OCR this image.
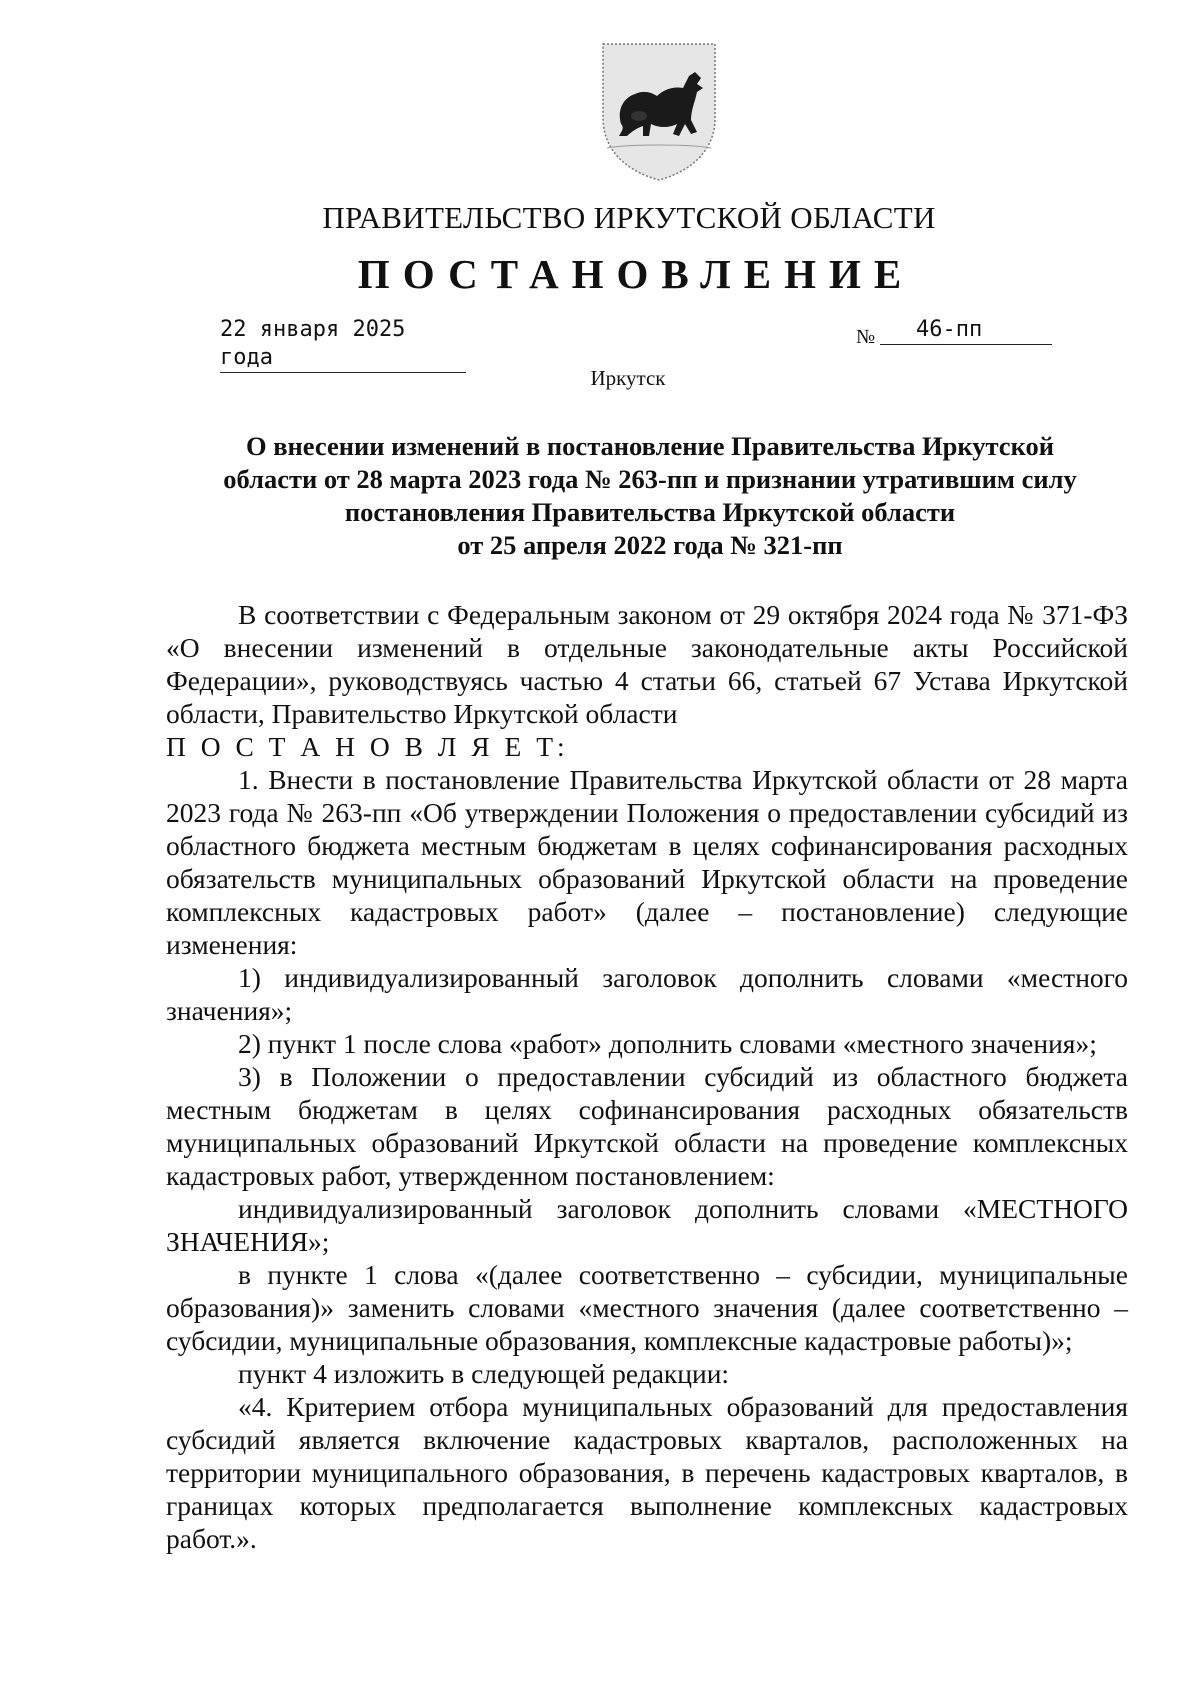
ПРАВИТЕЛЬСТВО ИРКУТСКОЙ ОБЛАСТИ
ПОСТАНОВЛЕНИЕ
22 января 2025 года
№	46-пп
Иркутск
О внесении изменений в постановление Правительства Иркутской
области от 28 марта 2023 года № 263-пп и признании утратившим силу
постановления Правительства Иркутской области
от 25 апреля 2022 года № 321-пп

В соответствии с Федеральным законом от 29 октября 2024 года № 371-ФЗ «О внесении изменений в отдельные законодательные акты Российской Федерации», руководствуясь частью 4 статьи 66, статьей 67 Устава Иркутской области, Правительство Иркутской области

П О С Т А Н О В Л Я Е Т:

1. Внести в постановление Правительства Иркутской области от 28 марта 2023 года № 263-пп «Об утверждении Положения о предоставлении субсидий из областного бюджета местным бюджетам в целях софинансирования расходных обязательств муниципальных образований Иркутской области на проведение комплексных кадастровых работ» (далее – постановление) следующие изменения:

1) индивидуализированный заголовок дополнить словами «местного значения»;

2) пункт 1 после слова «работ» дополнить словами «местного значения»;

3) в Положении о предоставлении субсидий из областного бюджета местным бюджетам в целях софинансирования расходных обязательств муниципальных образований Иркутской области на проведение комплексных кадастровых работ, утвержденном постановлением:

индивидуализированный заголовок дополнить словами «МЕСТНОГО ЗНАЧЕНИЯ»;

в пункте 1 слова «(далее соответственно – субсидии, муниципальные образования)» заменить словами «местного значения (далее соответственно – субсидии, муниципальные образования, комплексные кадастровые работы)»;

пункт 4 изложить в следующей редакции:

«4. Критерием отбора муниципальных образований для предоставления субсидий является включение кадастровых кварталов, расположенных на территории муниципального образования, в перечень кадастровых кварталов, в границах которых предполагается выполнение комплексных кадастровых работ.».
